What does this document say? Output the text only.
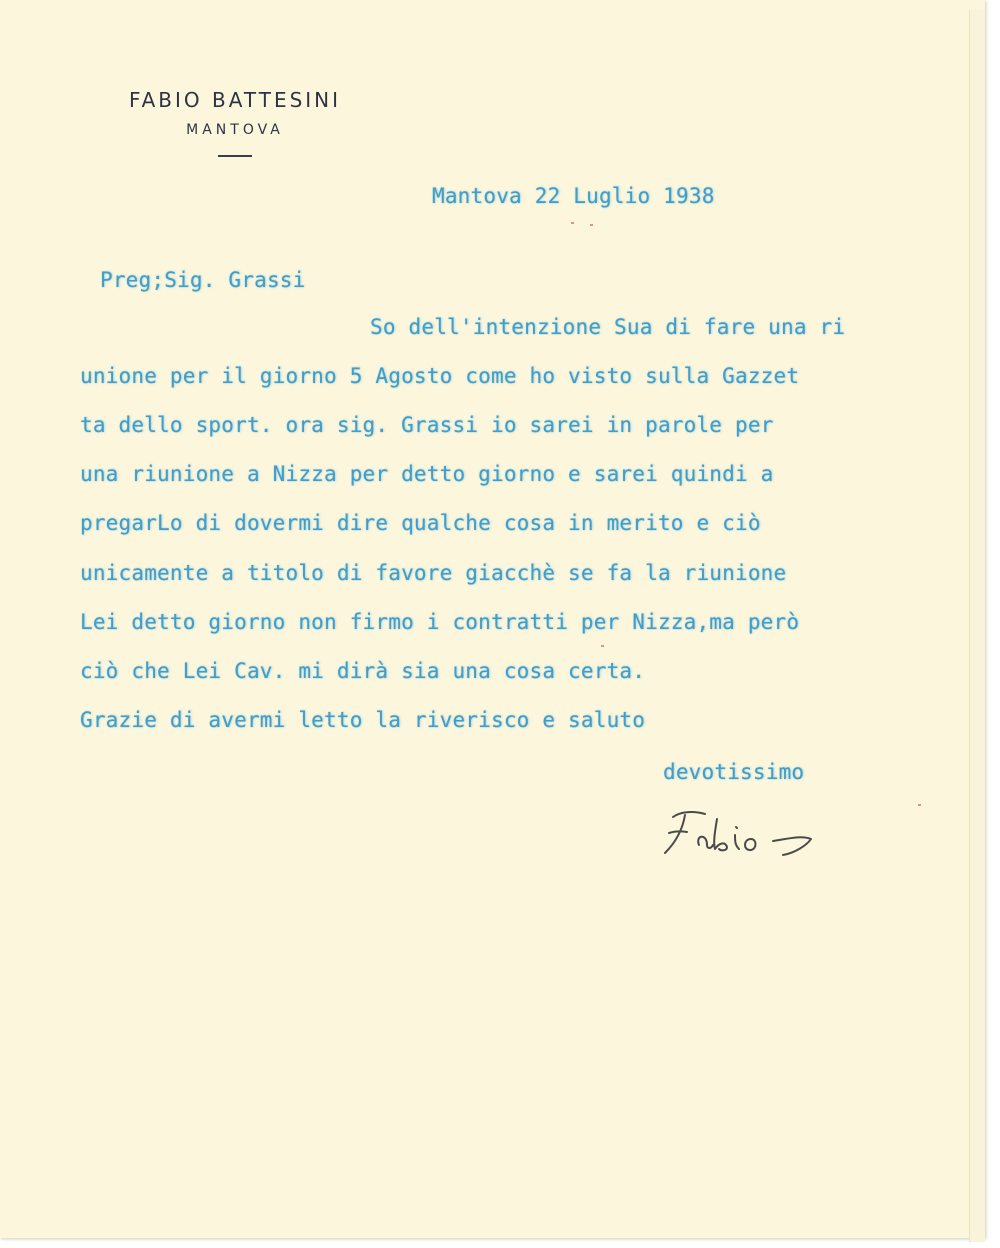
FABIO BATTESINI
MANTOVA
Mantova 22 Luglio 1938
Preg;Sig. Grassi
So dell'intenzione Sua di fare una ri
unione per il giorno 5 Agosto come ho visto sulla Gazzet
ta dello sport. ora sig. Grassi io sarei in parole per
una riunione a Nizza per detto giorno e sarei quindi a
pregarLo di dovermi dire qualche cosa in merito e ciò
unicamente a titolo di favore giacchè se fa la riunione
Lei detto giorno non firmo i contratti per Nizza,ma però
ciò che Lei Cav. mi dirà sia una cosa certa.
Grazie di avermi letto la riverisco e saluto
devotissimo
